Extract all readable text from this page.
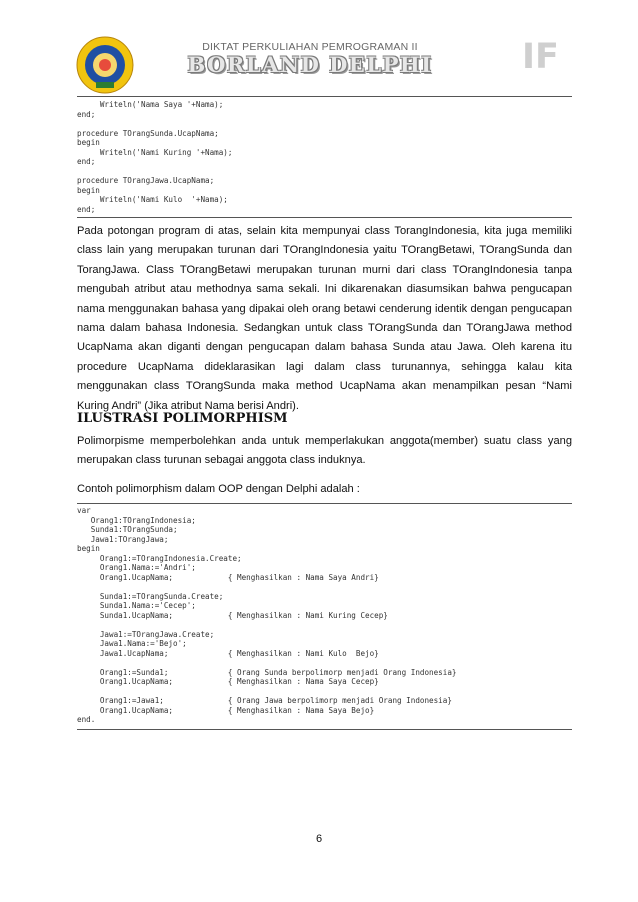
DIKTAT PERKULIAHAN PEMROGRAMAN II
BORLAND DELPHI	IF
Writeln('Nama Saya '+Nama);
end;

procedure TOrangSunda.UcapNama;
begin
Writeln('Nami Kuring '+Nama);
end;

procedure TOrangJawa.UcapNama;
begin
Writeln('Nami Kulo  '+Nama);
end;

Pada potongan program di atas, selain kita mempunyai class TorangIndonesia, kita juga memiliki class lain yang merupakan turunan dari TOrangIndonesia yaitu TOrangBetawi, TOrangSunda dan TorangJawa. Class TOrangBetawi merupakan turunan murni dari class TOrangIndonesia tanpa mengubah atribut atau methodnya sama sekali. Ini dikarenakan diasumsikan bahwa pengucapan nama menggunakan bahasa yang dipakai oleh orang betawi cenderung identik dengan pengucapan nama dalam bahasa Indonesia. Sedangkan untuk class TOrangSunda dan TOrangJawa method UcapNama akan diganti dengan pengucapan dalam bahasa Sunda atau Jawa. Oleh karena itu procedure UcapNama dideklarasikan lagi dalam class turunannya, sehingga kalau kita menggunakan class TOrangSunda maka method UcapNama akan menampilkan pesan “Nami Kuring Andri” (Jika atribut Nama berisi Andri).

ILUSTRASI POLIMORPHISM

Polimorpisme memperbolehkan anda untuk memperlakukan anggota(member) suatu class yang merupakan class turunan sebagai anggota class induknya.

Contoh polimorphism dalam OOP dengan Delphi adalah :

var
Orang1:TOrangIndonesia;
Sunda1:TOrangSunda;
Jawa1:TOrangJawa;
begin
Orang1:=TOrangIndonesia.Create;
Orang1.Nama:='Andri';
Orang1.UcapNama;            { Menghasilkan : Nama Saya Andri}

Sunda1:=TOrangSunda.Create;
Sunda1.Nama:='Cecep';
Sunda1.UcapNama;            { Menghasilkan : Nami Kuring Cecep}

Jawa1:=TOrangJawa.Create;
Jawa1.Nama:='Bejo';
Jawa1.UcapNama;             { Menghasilkan : Nami Kulo  Bejo}

Orang1:=Sunda1;             { Orang Sunda berpolimorp menjadi Orang Indonesia}
Orang1.UcapNama;            { Menghasilkan : Nama Saya Cecep}

Orang1:=Jawa1;              { Orang Jawa berpolimorp menjadi Orang Indonesia}
Orang1.UcapNama;            { Menghasilkan : Nama Saya Bejo}
end.
6
